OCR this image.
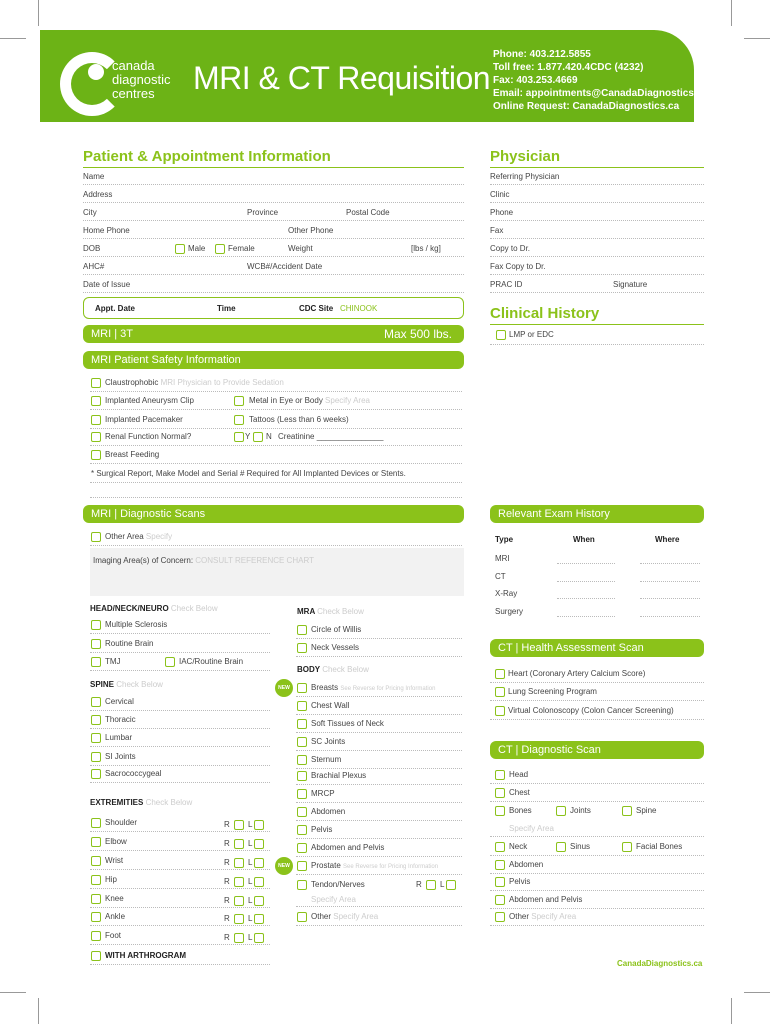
canada
diagnostic
centres MRI & CT Requisition
Phone: 403.212.5855
Toll free: 1.877.420.4CDC (4232)
Fax: 403.253.4669
Email: appointments@CanadaDiagnostics.ca
Online Request: CanadaDiagnostics.ca
Patient & Appointment Information
Name
Address
City	Province	Postal Code
Home Phone	Other Phone
DOB	Male	Female	Weight	[lbs / kg]
AHC#	WCB#/Accident Date
Date of Issue
Appt. Date	Time	CDC Site CHINOOK
Physician
Referring Physician
Clinic
Phone
Fax
Copy to Dr.
Fax Copy to Dr.
PRAC ID	Signature
Clinical History
LMP or EDC
MRI | 3T	Max 500 lbs.
MRI Patient Safety Information
Claustrophobic MRI Physician to Provide Sedation
Implanted Aneurysm Clip	Metal in Eye or Body Specify Area
Implanted Pacemaker	Tattoos (Less than 6 weeks)
Renal Function Normal?	Y N Creatinine _______________
Breast Feeding
* Surgical Report, Make Model and Serial # Required for All Implanted Devices or Stents.
MRI | Diagnostic Scans
Other Area Specify
Imaging Area(s) of Concern: CONSULT REFERENCE CHART
HEAD/NECK/NEURO Check Below
Multiple Sclerosis
Routine Brain
TMJ	IAC/Routine Brain
SPINE Check Below
Cervical
Thoracic
Lumbar
SI Joints
Sacrococcygeal
EXTREMITIES Check Below
Shoulder	R L
Elbow	R L
Wrist	R L
Hip	R L
Knee	R L
Ankle	R L
Foot	R L
WITH ARTHROGRAM
MRA Check Below
Circle of Willis
Neck Vessels
BODY Check Below
NEW	Breasts See Reverse for Pricing Information
Chest Wall
Soft Tissues of Neck
SC Joints
Sternum
Brachial Plexus
MRCP
Abdomen
Pelvis
Abdomen and Pelvis
NEW	Prostate See Reverse for Pricing Information
Tendon/Nerves	R L
Specify Area
Other Specify Area
Relevant Exam History
Type	When	Where
MRI
CT
X-Ray
Surgery
CT | Health Assessment Scan
Heart (Coronary Artery Calcium Score)
Lung Screening Program
Virtual Colonoscopy (Colon Cancer Screening)
CT | Diagnostic Scan
Head
Chest
Bones	Joints	Spine
Specify Area
Neck	Sinus	Facial Bones
Abdomen
Pelvis
Abdomen and Pelvis
Other Specify Area
CanadaDiagnostics.ca
